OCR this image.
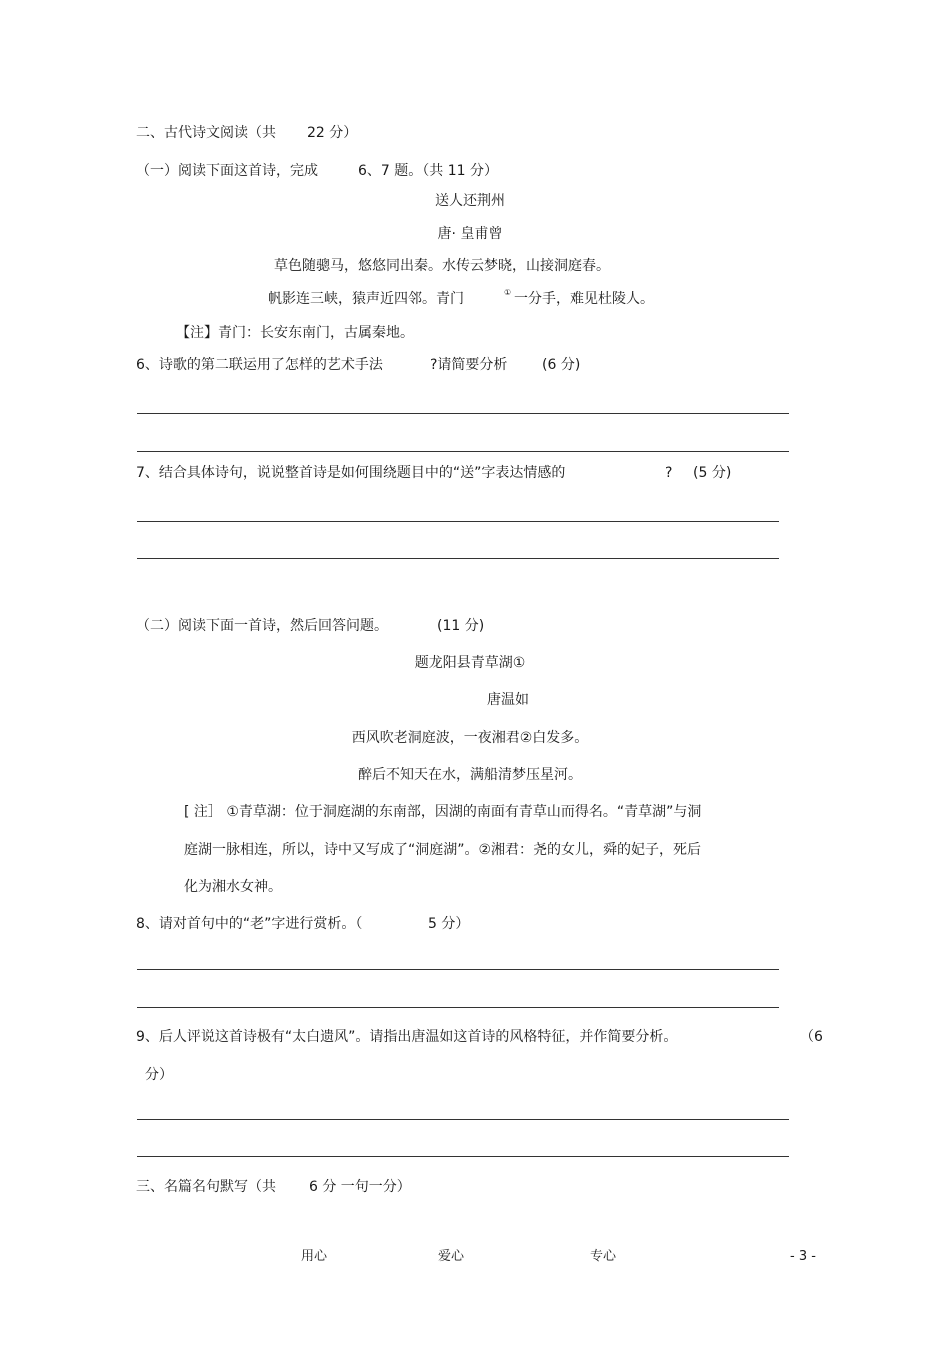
二、古代诗文阅读（共 22 分）
（一）阅读下面这首诗，完成	6、7 题。（共 11 分）
送人还荆州
唐· 皇甫曾
草色随骢马，悠悠同出秦。水传云梦晓，山接洞庭春。
帆影连三峡，猿声近四邻。青门	① 一分手，难见杜陵人。
【注】青门：长安东南门，古属秦地。
6、诗歌的第二联运用了怎样的艺术手法	?请简要分析 (6 分)
7、结合具体诗句，说说整首诗是如何围绕题目中的“送”字表达情感的	? (5 分)
（二）阅读下面一首诗，然后回答问题。	(11 分)
题龙阳县青草湖①
唐温如
西风吹老洞庭波，一夜湘君②白发多。
醉后不知天在水，满船清梦压星河。
[ 注］ ①青草湖：位于洞庭湖的东南部，因湖的南面有青草山而得名。“青草湖”与洞
庭湖一脉相连，所以，诗中又写成了“洞庭湖”。②湘君：尧的女儿，舜的妃子，死后
化为湘水女神。
8、请对首句中的“老”字进行赏析。（	5 分）
9、后人评说这首诗极有“太白遗风”。请指出唐温如这首诗的风格特征，并作简要分析。	（6
分）
三、名篇名句默写（共 6 分 一句一分）
用心	爱心	专心	- 3 -
